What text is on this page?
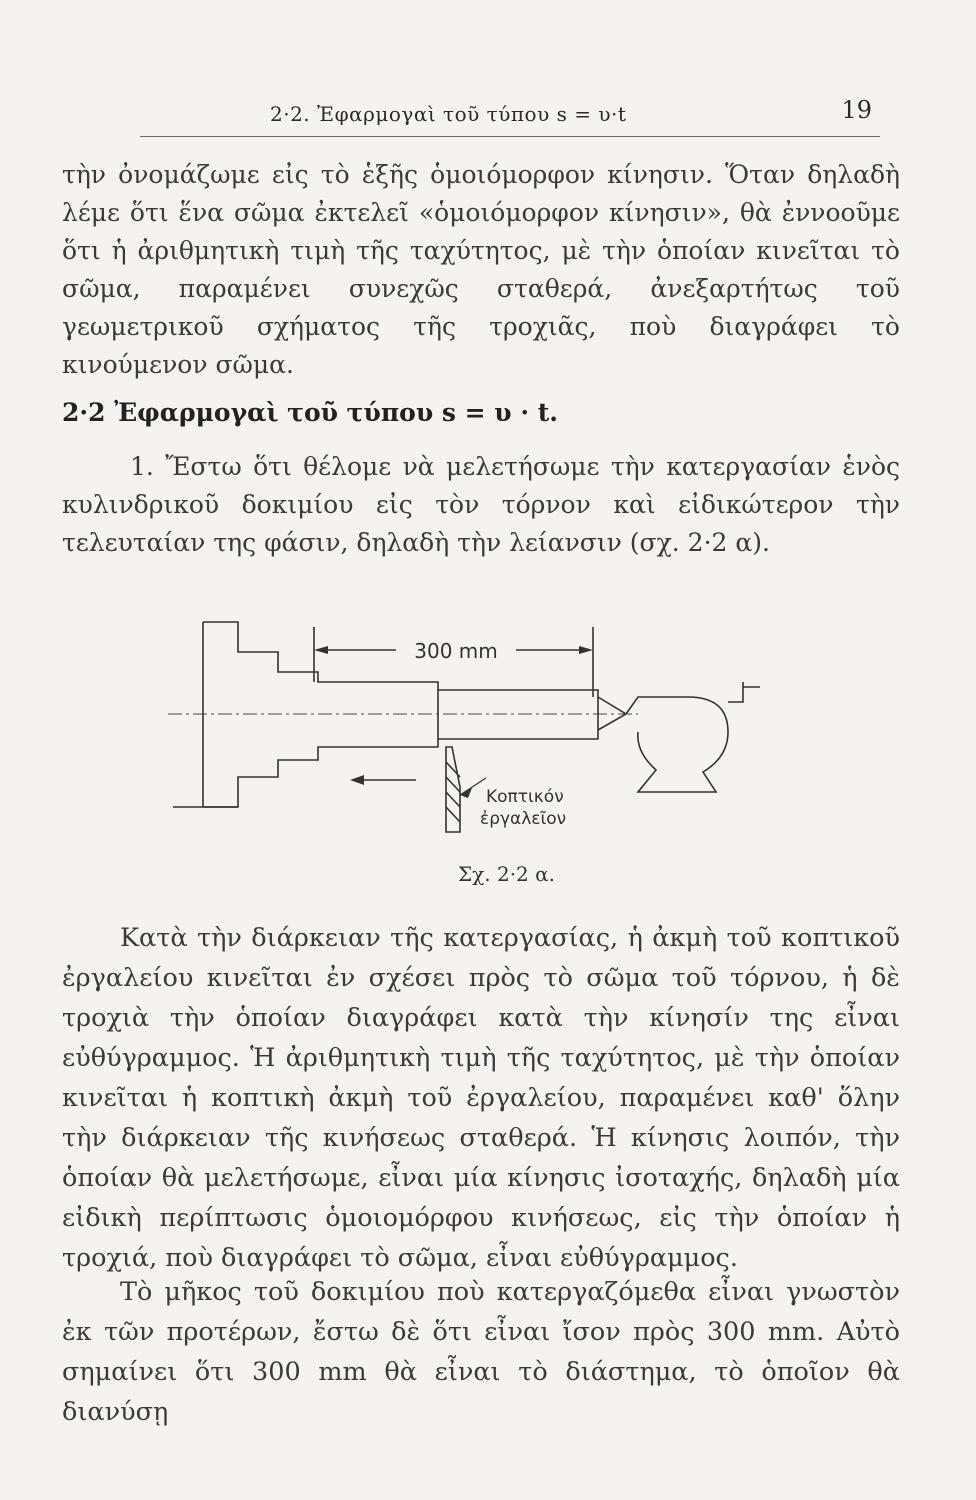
2·2. Ἐφαρμογαὶ τοῦ τύπου s = υ·t	19
τὴν ὀνομάζωμε εἰς τὸ ἑξῆς ὁμοιόμορφον κίνησιν. Ὅταν δηλαδὴ λέμε ὅτι ἕνα σῶμα ἐκτελεῖ «ὁμοιόμορφον κίνησιν», θὰ ἐννοοῦμε ὅτι ἡ ἀριθμητικὴ τιμὴ τῆς ταχύτητος, μὲ τὴν ὁποίαν κινεῖται τὸ σῶμα, παραμένει συνεχῶς σταθερά, ἀνεξαρτήτως τοῦ γεωμετρικοῦ σχήματος τῆς τροχιᾶς, ποὺ διαγράφει τὸ κινούμενον σῶμα.
2·2 Ἐφαρμογαὶ τοῦ τύπου s = υ · t.
1. Ἔστω ὅτι θέλομε νὰ μελετήσωμε τὴν κατεργασίαν ἑνὸς κυλινδρικοῦ δοκιμίου εἰς τὸν τόρνον καὶ εἰδικώτερον τὴν τελευταίαν της φάσιν, δηλαδὴ τὴν λείανσιν (σχ. 2·2 α).
300 mm
Κοπτικόν
ἐργαλεῖον
Σχ. 2·2 α.
Κατὰ τὴν διάρκειαν τῆς κατεργασίας, ἡ ἀκμὴ τοῦ κοπτικοῦ ἐργαλείου κινεῖται ἐν σχέσει πρὸς τὸ σῶμα τοῦ τόρνου, ἡ δὲ τροχιὰ τὴν ὁποίαν διαγράφει κατὰ τὴν κίνησίν της εἶναι εὐθύγραμμος. Ἡ ἀριθμητικὴ τιμὴ τῆς ταχύτητος, μὲ τὴν ὁποίαν κινεῖται ἡ κοπτικὴ ἀκμὴ τοῦ ἐργαλείου, παραμένει καθ' ὅλην τὴν διάρκειαν τῆς κινήσεως σταθερά. Ἡ κίνησις λοιπόν, τὴν ὁποίαν θὰ μελετήσωμε, εἶναι μία κίνησις ἰσοταχής, δηλαδὴ μία εἰδικὴ περίπτωσις ὁμοιομόρφου κινήσεως, εἰς τὴν ὁποίαν ἡ τροχιά, ποὺ διαγράφει τὸ σῶμα, εἶναι εὐθύγραμμος.
Τὸ μῆκος τοῦ δοκιμίου ποὺ κατεργαζόμεθα εἶναι γνωστὸν ἐκ τῶν προτέρων, ἔστω δὲ ὅτι εἶναι ἴσον πρὸς 300 mm. Αὐτὸ σημαίνει ὅτι 300 mm θὰ εἶναι τὸ διάστημα, τὸ ὁποῖον θὰ διανύσῃ
